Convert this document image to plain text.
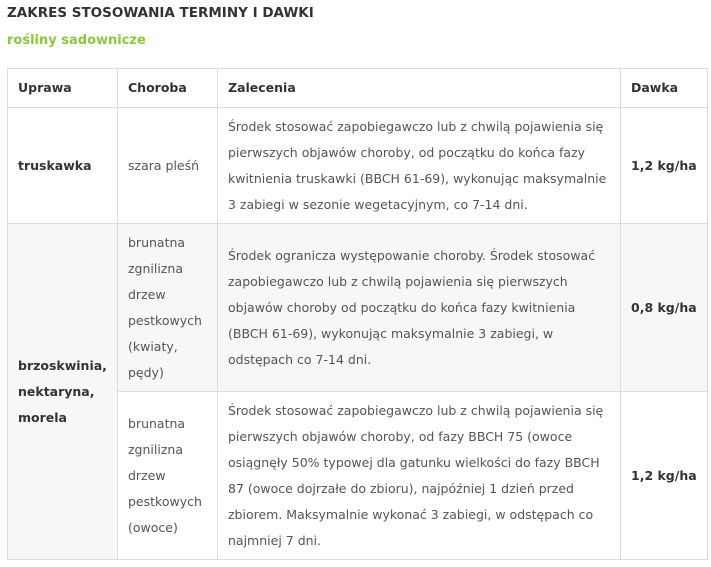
ZAKRES STOSOWANIA TERMINY I DAWKI
rośliny sadownicze
Uprawa	Choroba	Zalecenia	Dawka
truskawka	szara pleśń	Środek stosować zapobiegawczo lub z chwilą pojawienia się pierwszych objawów choroby, od początku do końca fazy kwitnienia truskawki (BBCH 61-69), wykonując maksymalnie 3 zabiegi w sezonie wegetacyjnym, co 7-14 dni.	1,2 kg/ha
brzoskwinia, nektaryna, morela	brunatna zgnilizna drzew pestkowych (kwiaty, pędy)	Środek ogranicza występowanie choroby. Środek stosować zapobiegawczo lub z chwilą pojawienia się pierwszych objawów choroby od początku do końca fazy kwitnienia (BBCH 61-69), wykonując maksymalnie 3 zabiegi, w odstępach co 7-14 dni.	0,8 kg/ha
	brunatna zgnilizna drzew pestkowych (owoce)	Środek stosować zapobiegawczo lub z chwilą pojawienia się pierwszych objawów choroby, od fazy BBCH 75 (owoce osiągnęły 50% typowej dla gatunku wielkości do fazy BBCH 87 (owoce dojrzałe do zbioru), najpóźniej 1 dzień przed zbiorem. Maksymalnie wykonać 3 zabiegi, w odstępach co najmniej 7 dni.	1,2 kg/ha
